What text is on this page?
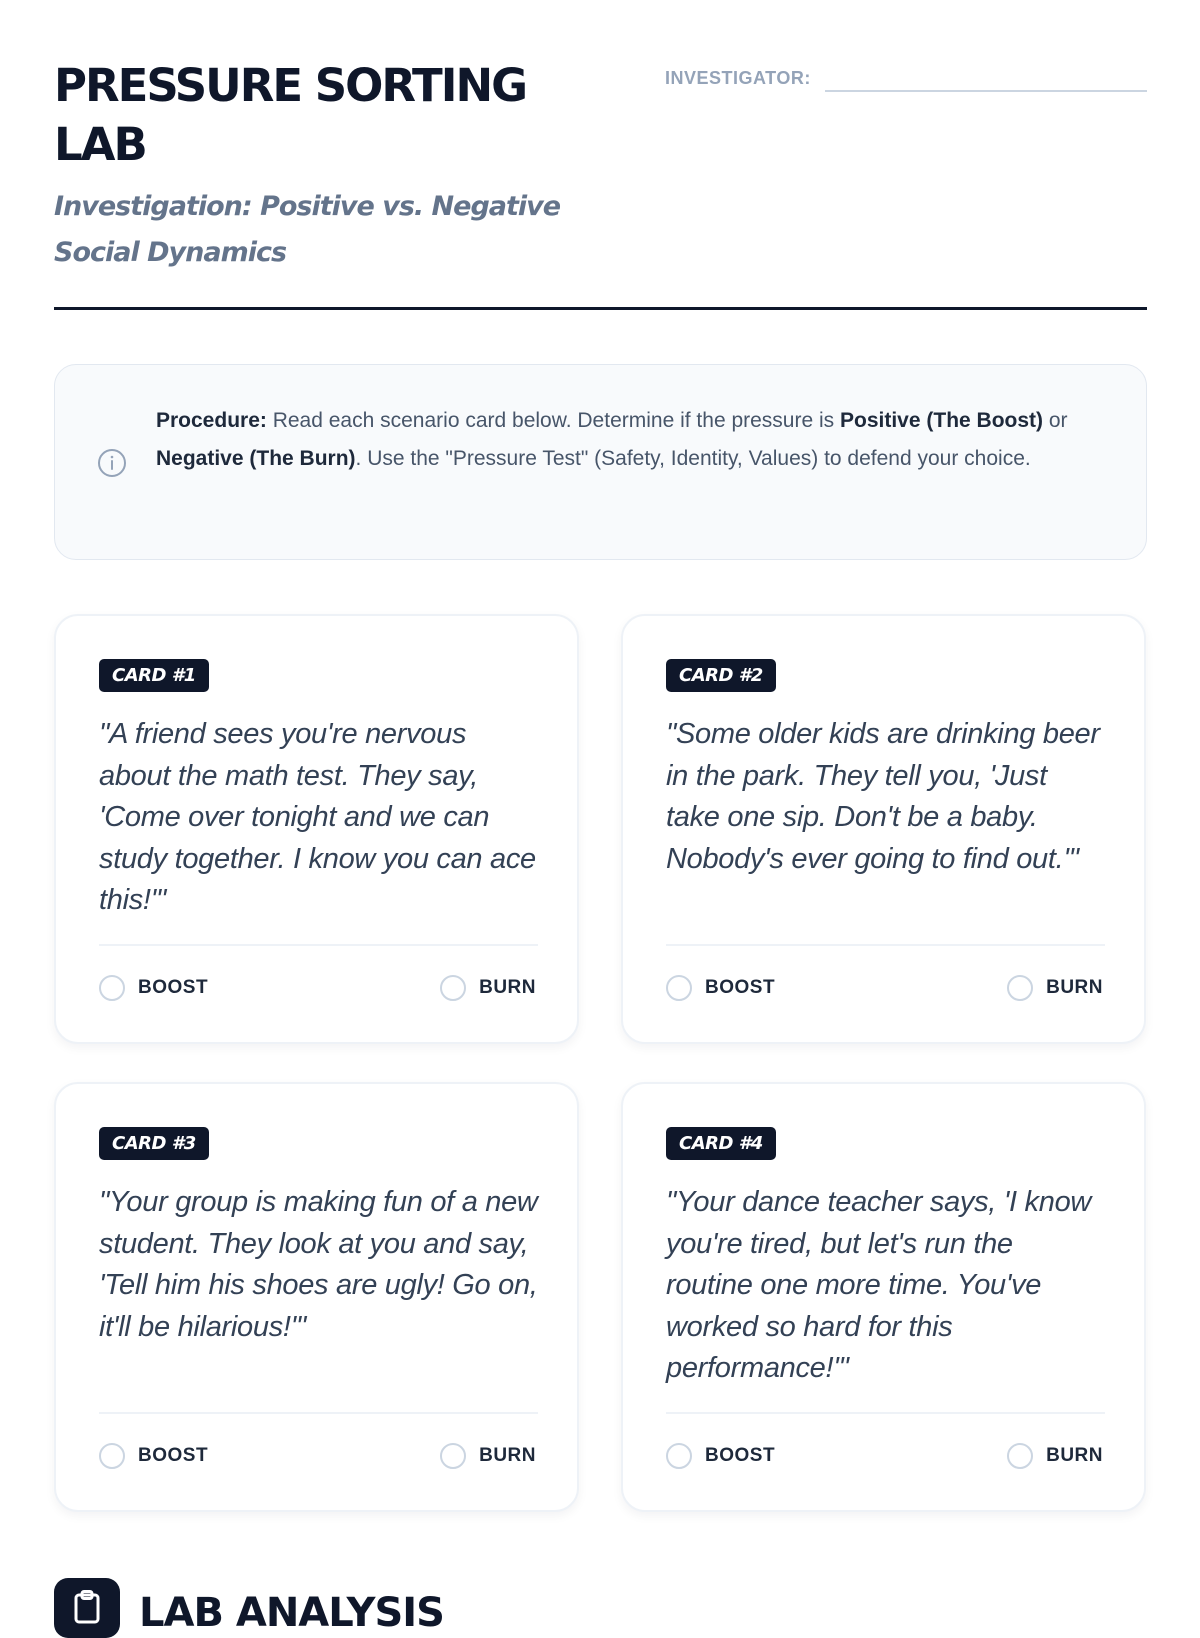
PRESSURE SORTING LAB
Investigation: Positive vs. Negative Social Dynamics
INVESTIGATOR:

Procedure: Read each scenario card below. Determine if the pressure is Positive (The Boost) or Negative (The Burn). Use the "Pressure Test" (Safety, Identity, Values) to defend your choice.

CARD #1

"A friend sees you're nervous about the math test. They say, 'Come over tonight and we can study together. I know you can ace this!'"

BOOST	BURN
CARD #2

"Some older kids are drinking beer in the park. They tell you, 'Just take one sip. Don't be a baby. Nobody's ever going to find out.'"

BOOST	BURN
CARD #3

"Your group is making fun of a new student. They look at you and say, 'Tell him his shoes are ugly! Go on, it'll be hilarious!'"

BOOST	BURN
CARD #4

"Your dance teacher says, 'I know you're tired, but let's run the routine one more time. You've worked so hard for this performance!'"

BOOST	BURN
LAB ANALYSIS
